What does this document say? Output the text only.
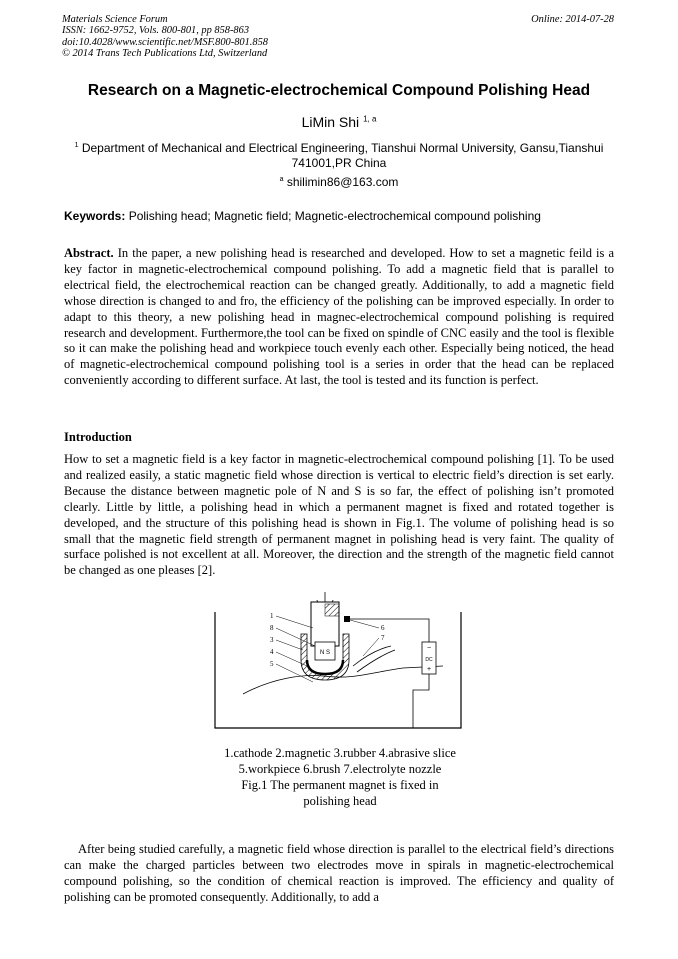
Materials Science Forum
ISSN: 1662-9752, Vols. 800-801, pp 858-863
doi:10.4028/www.scientific.net/MSF.800-801.858
© 2014 Trans Tech Publications Ltd, Switzerland
Online: 2014-07-28
Research on a Magnetic-electrochemical Compound Polishing Head
LiMin Shi $^{1, a}$
$^1$ Department of Mechanical and Electrical Engineering, Tianshui Normal University, Gansu,Tianshui 741001,PR China
$^a$ shilimin86@163.com
Keywords: Polishing head; Magnetic field; Magnetic-electrochemical compound polishing

Abstract. In the paper, a new polishing head is researched and developed. How to set a magnetic feild is a key factor in magnetic-electrochemical compound polishing. To add a magnetic field that is parallel to electrical field, the electrochemical reaction can be changed greatly. Additionally, to add a magnetic field whose direction is changed to and fro, the efficiency of the polishing can be improved especially. In order to adapt to this theory, a new polishing head in magnec-electrochemical compound polishing is required research and development. Furthermore,the tool can be fixed on spindle of CNC easily and the tool is flexible so it can make the polishing head and workpiece touch evenly each other. Especially being noticed, the head of magnetic-electrochemical compound polishing tool is a series in order that the head can be replaced conveniently according to different surface. At last, the tool is tested and its function is perfect.

Introduction

How to set a magnetic field is a key factor in magnetic-electrochemical compound polishing [1]. To be used and realized easily, a static magnetic field whose direction is vertical to electric field’s direction is set early. Because the distance between magnetic pole of N and S is so far, the effect of polishing isn’t promoted clearly. Little by little, a polishing head in which a permanent magnet is fixed and rotated together is developed, and the structure of this polishing head is shown in Fig.1. The volume of polishing head is so small that the magnetic field strength of permanent magnet in polishing head is very faint. The quality of surface polished is not excellent at all. Moreover, the direction and the strength of the magnetic field cannot be changed as one pleases [2].

N S
−
DC
+
1
8
3
4
5
6
7
1.cathode 2.magnetic 3.rubber 4.abrasive slice 5.workpiece 6.brush 7.electrolyte nozzle
Fig.1 The permanent magnet is fixed in polishing head

After being studied carefully, a magnetic field whose direction is parallel to the electrical field’s directions can make the charged particles between two electrodes move in spirals in magnetic-electrochemical compound polishing, so the condition of chemical reaction is improved. The efficiency and quality of polishing can be promoted consequently. Additionally, to add a
